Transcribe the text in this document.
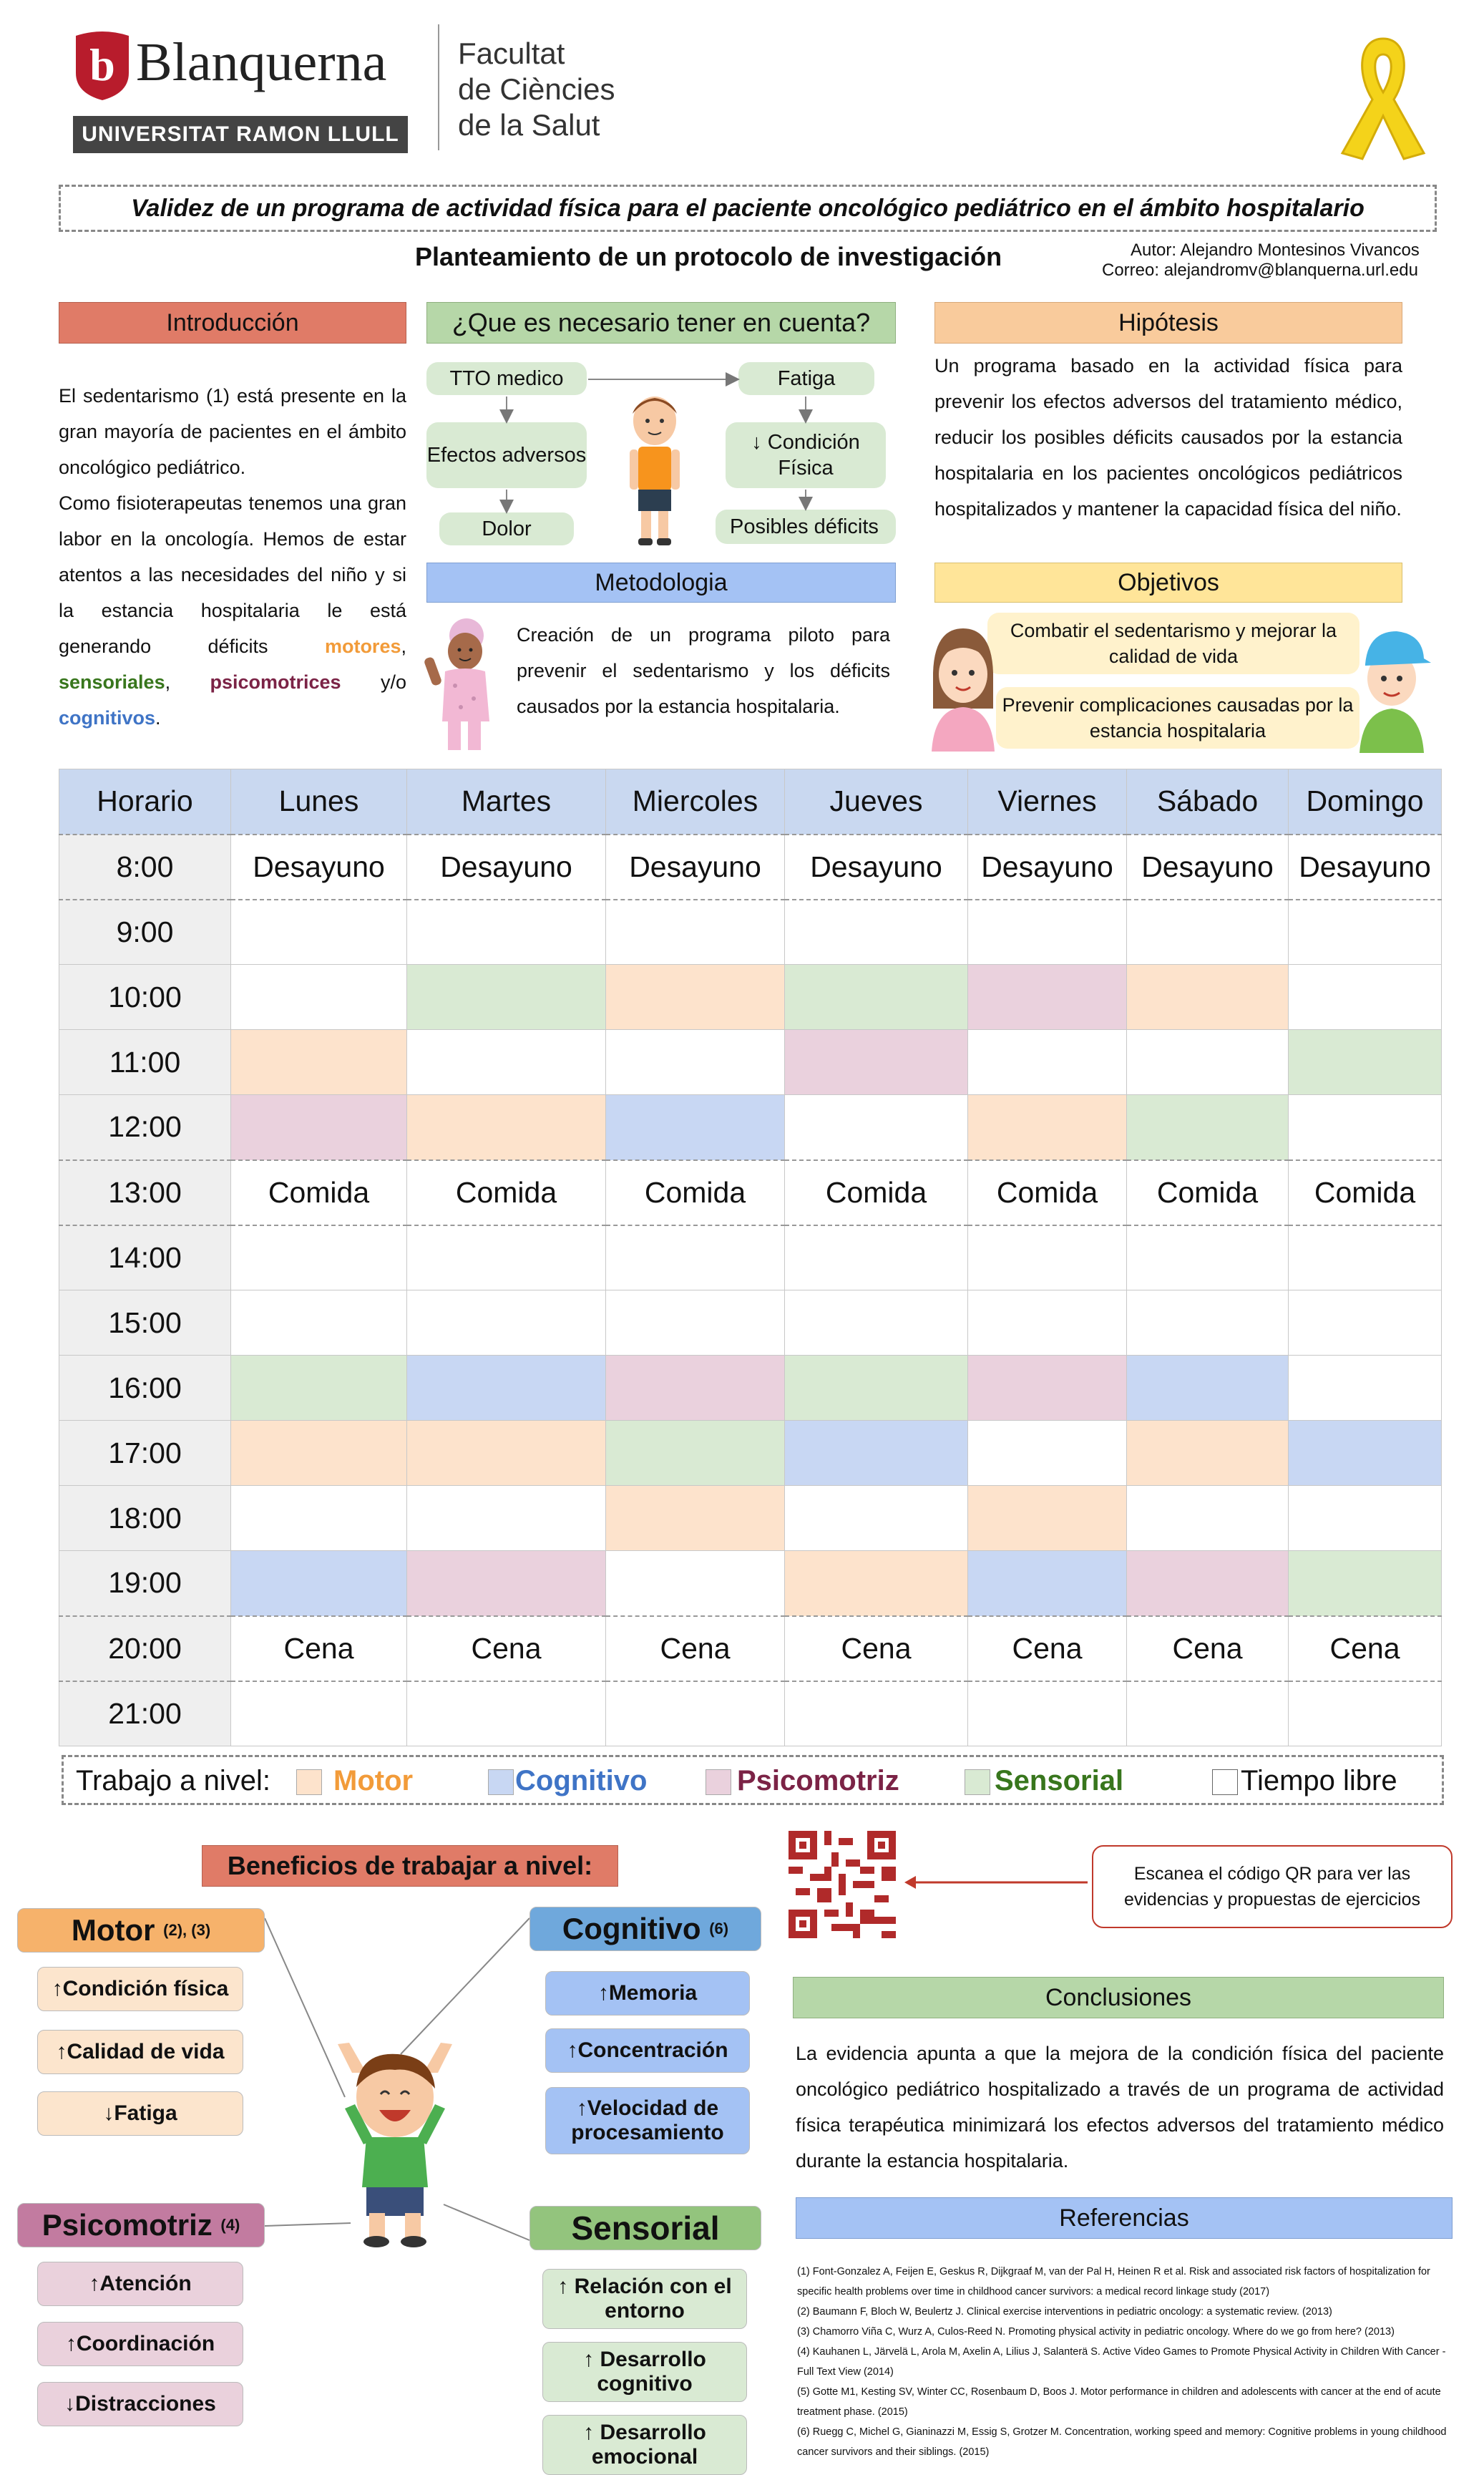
b Blanquerna
UNIVERSITAT RAMON LLULL
Facultat
de Ciències
de la Salut
Validez de un programa de actividad física para el paciente oncológico pediátrico en el ámbito hospitalario
Planteamiento de un protocolo de investigación	Autor: Alejandro Montesinos Vivancos
Correo: alejandromv@blanquerna.url.edu
Introducción
El sedentarismo (1) está presente en la gran mayoría de pacientes en el ámbito oncológico pediátrico.
Como fisioterapeutas tenemos una gran labor en la oncología. Hemos de estar atentos a las necesidades del niño y si la estancia hospitalaria le está generando déficits	motores, sensoriales, psicomotrices y/o cognitivos.
¿Que es necesario tener en cuenta?
TTO medico	Fatiga
Efectos adversos
↓ Condición Física
Dolor	Posibles déficits
Hipótesis
Un programa basado en la actividad física para prevenir los efectos adversos del tratamiento médico, reducir los posibles déficits causados por la estancia hospitalaria en los pacientes oncológicos pediátricos hospitalizados y mantener la capacidad física del niño.
Metodologia
Creación de un programa piloto para prevenir el sedentarismo y los déficits causados por la estancia hospitalaria.
Objetivos
Combatir el sedentarismo y mejorar la calidad de vida
Prevenir complicaciones causadas por la estancia hospitalaria
Horario	Lunes	Martes	Miercoles	Jueves	Viernes	Sábado	Domingo
8:00	Desayuno	Desayuno	Desayuno	Desayuno	Desayuno	Desayuno	Desayuno
9:00							
10:00							
11:00							
12:00							
13:00	Comida	Comida	Comida	Comida	Comida	Comida	Comida
14:00							
15:00							
16:00							
17:00							
18:00							
19:00							
20:00	Cena	Cena	Cena	Cena	Cena	Cena	Cena
21:00							
Trabajo a nivel: Motor	Cognitivo	Psicomotriz	Sensorial	Tiempo libre
Beneficios de trabajar a nivel:
Motor
(2), (3)
↑Condición física
↑Calidad de vida
↓Fatiga
Cognitivo
(6)
↑Memoria
↑Concentración
↑Velocidad de procesamiento
Psicomotriz
(4)
↑Atención
↑Coordinación
↓Distracciones
Sensorial
↑ Relación con el entorno
↑ Desarrollo cognitivo
↑ Desarrollo emocional
Escanea el código QR para ver las evidencias y propuestas de ejercicios
Conclusiones
La evidencia apunta a que la mejora de la condición física del paciente oncológico pediátrico hospitalizado a través de un programa de actividad física terapéutica minimizará los efectos adversos del tratamiento médico durante la estancia hospitalaria.
Referencias
(1) Font-Gonzalez A, Feijen E, Geskus R, Dijkgraaf M, van der Pal H, Heinen R et al. Risk and associated risk factors of hospitalization for specific health problems over time in childhood cancer survivors: a medical record linkage study (2017)
(2) Baumann F, Bloch W, Beulertz J. Clinical exercise interventions in pediatric oncology: a systematic review. (2013)
(3) Chamorro Viña C, Wurz A, Culos-Reed N. Promoting physical activity in pediatric oncology. Where do we go from here? (2013)
(4) Kauhanen L, Järvelä L, Arola M, Axelin A, Lilius J, Salanterä S. Active Video Games to Promote Physical Activity in Children With Cancer - Full Text View (2014)
(5) Gotte M1, Kesting SV, Winter CC, Rosenbaum D, Boos J. Motor performance in children and adolescents with cancer at the end of acute treatment phase. (2015)
(6) Ruegg C, Michel G, Gianinazzi M, Essig S, Grotzer M. Concentration, working speed and memory: Cognitive problems in young childhood cancer survivors and their siblings. (2015)
